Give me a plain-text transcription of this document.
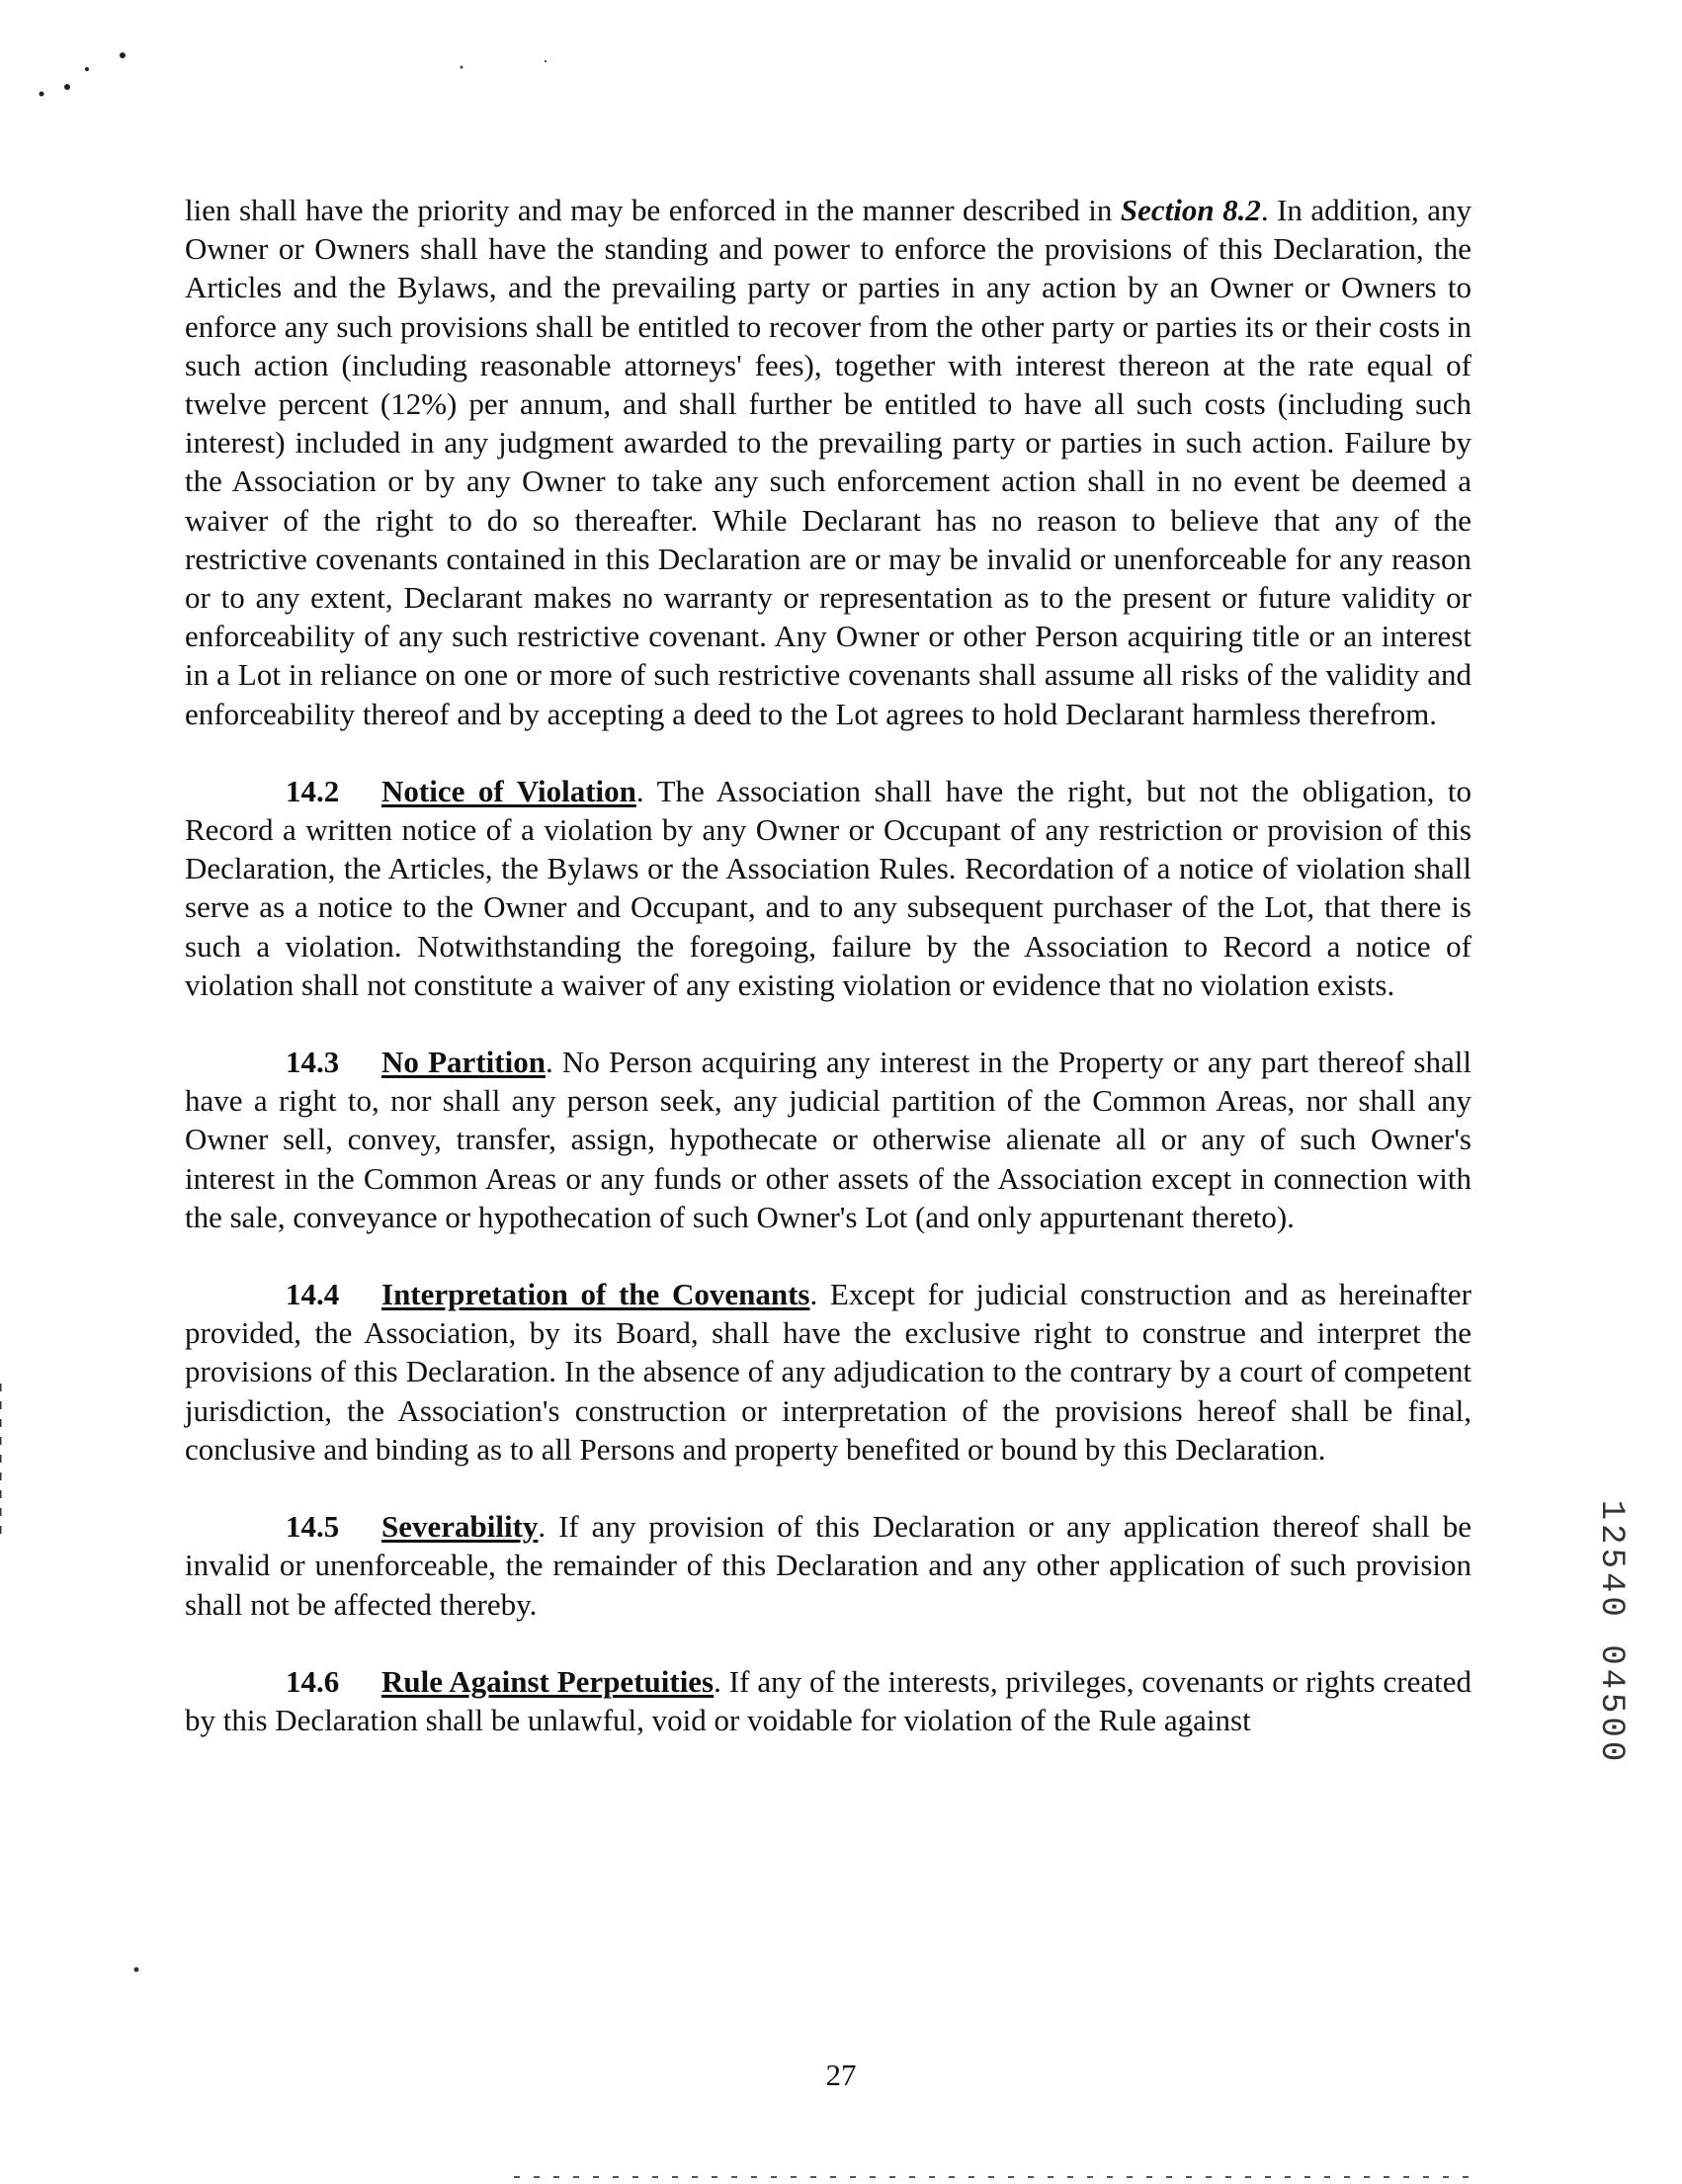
lien shall have the priority and may be enforced in the manner described in Section 8.2. In addition, any Owner or Owners shall have the standing and power to enforce the provisions of this Declaration, the Articles and the Bylaws, and the prevailing party or parties in any action by an Owner or Owners to enforce any such provisions shall be entitled to recover from the other party or parties its or their costs in such action (including reasonable attorneys' fees), together with interest thereon at the rate equal of twelve percent (12%) per annum, and shall further be entitled to have all such costs (including such interest) included in any judgment awarded to the prevailing party or parties in such action. Failure by the Association or by any Owner to take any such enforcement action shall in no event be deemed a waiver of the right to do so thereafter. While Declarant has no reason to believe that any of the restrictive covenants contained in this Declaration are or may be invalid or unenforceable for any reason or to any extent, Declarant makes no warranty or representation as to the present or future validity or enforceability of any such restrictive covenant. Any Owner or other Person acquiring title or an interest in a Lot in reliance on one or more of such restrictive covenants shall assume all risks of the validity and enforceability thereof and by accepting a deed to the Lot agrees to hold Declarant harmless therefrom.

14.2 Notice of Violation. The Association shall have the right, but not the obligation, to Record a written notice of a violation by any Owner or Occupant of any restriction or provision of this Declaration, the Articles, the Bylaws or the Association Rules. Recordation of a notice of violation shall serve as a notice to the Owner and Occupant, and to any subsequent purchaser of the Lot, that there is such a violation. Notwithstanding the foregoing, failure by the Association to Record a notice of violation shall not constitute a waiver of any existing violation or evidence that no violation exists.

14.3 No Partition. No Person acquiring any interest in the Property or any part thereof shall have a right to, nor shall any person seek, any judicial partition of the Common Areas, nor shall any Owner sell, convey, transfer, assign, hypothecate or otherwise alienate all or any of such Owner's interest in the Common Areas or any funds or other assets of the Association except in connection with the sale, conveyance or hypothecation of such Owner's Lot (and only appurtenant thereto).

14.4 Interpretation of the Covenants. Except for judicial construction and as hereinafter provided, the Association, by its Board, shall have the exclusive right to construe and interpret the provisions of this Declaration. In the absence of any adjudication to the contrary by a court of competent jurisdiction, the Association's construction or interpretation of the provisions hereof shall be final, conclusive and binding as to all Persons and property benefited or bound by this Declaration.

14.5 Severability. If any provision of this Declaration or any application thereof shall be invalid or unenforceable, the remainder of this Declaration and any other application of such provision shall not be affected thereby.

14.6 Rule Against Perpetuities. If any of the interests, privileges, covenants or rights created by this Declaration shall be unlawful, void or voidable for violation of the Rule against	12540 04500
27
